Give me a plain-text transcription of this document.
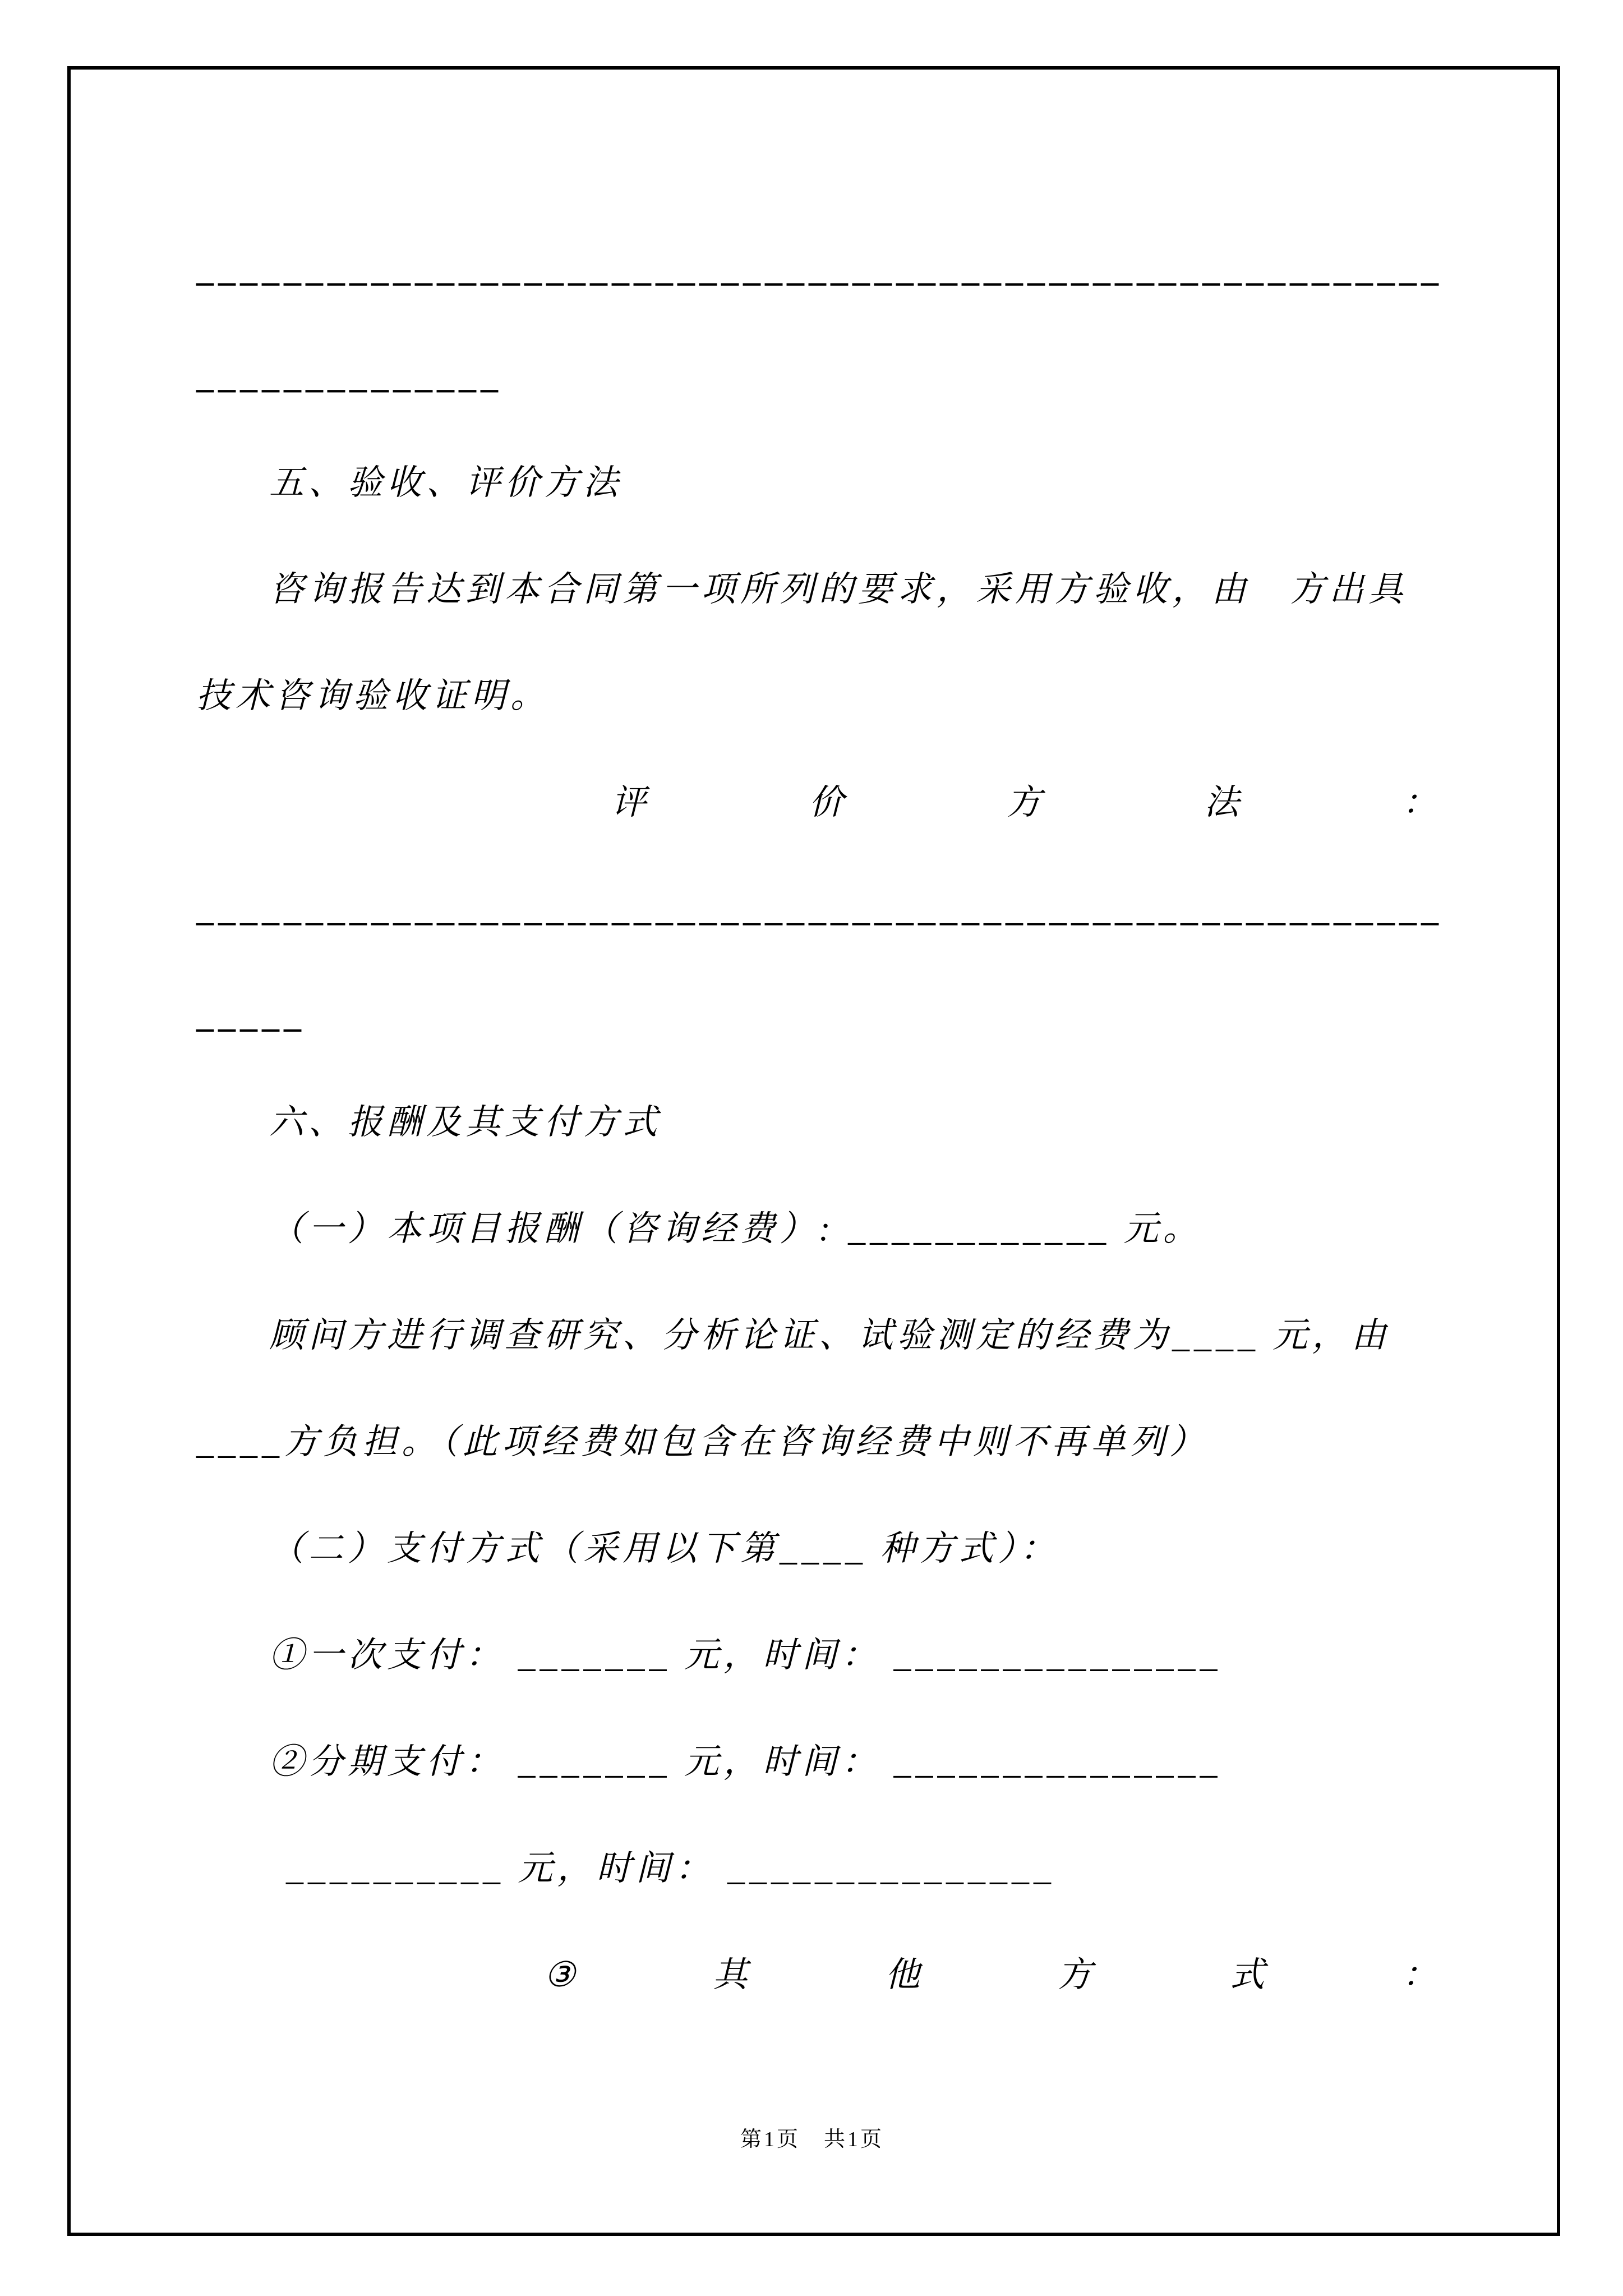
_________________________________________________________
______________
五、验收、评价方法
咨询报告达到本合同第一项所列的要求，采用方验收，由　方出具
技术咨询验收证明。
评	价	方	法	：
_________________________________________________________
_____
六、报酬及其支付方式
（一）本项目报酬（咨询经费）: ____________ 元。
顾问方进行调查研究、分析论证、试验测定的经费为____ 元，由
____方负担。（此项经费如包含在咨询经费中则不再单列）
（二）支付方式（采用以下第____ 种方式）：
①一次支付： _______ 元，时间： _______________
②分期支付： _______ 元，时间： _______________
__________ 元，时间： _______________
③	其	他	方	式	：
第1页　共1页
